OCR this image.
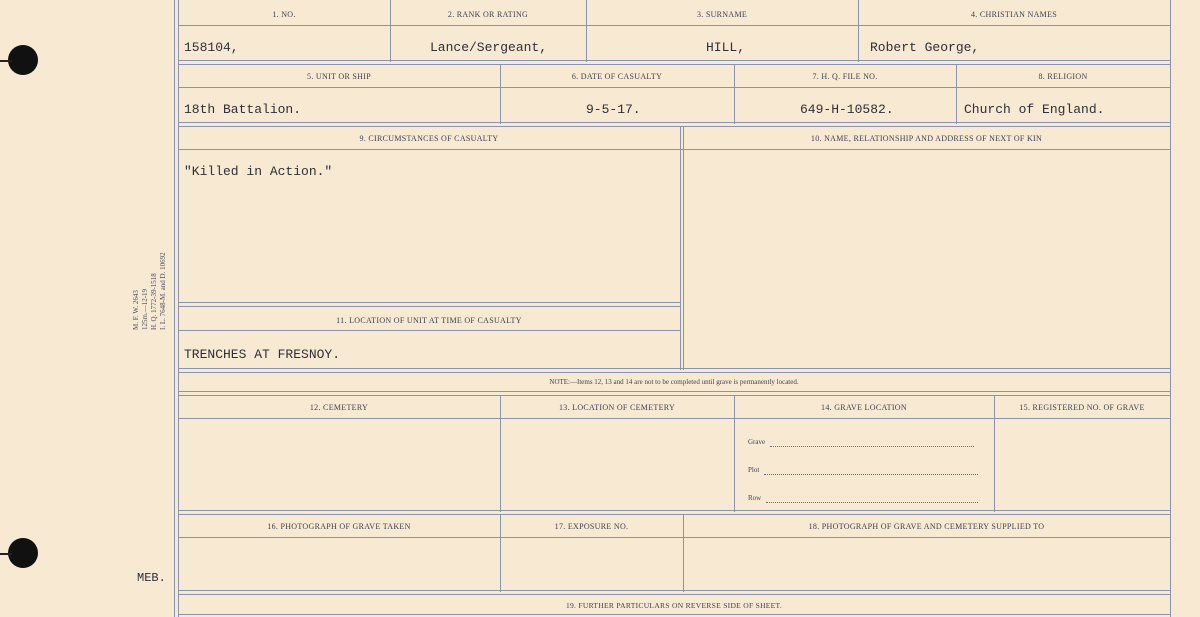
M. F. W. 2643 125m.—12-19 H. Q. 1772-39-1518 I. L. 7648-M. and D. 10692
MEB.
1. NO.	2. RANK OR RATING	3. SURNAME	4. CHRISTIAN NAMES
158104,	Lance/Sergeant,	HILL,	Robert George,
5. UNIT OR SHIP	6. DATE OF CASUALTY	7. H. Q. FILE NO.	8. RELIGION
18th Battalion.	9-5-17.	649-H-10582.	Church of England.
9. CIRCUMSTANCES OF CASUALTY	10. NAME, RELATIONSHIP AND ADDRESS OF NEXT OF KIN
11. LOCATION OF UNIT AT TIME OF CASUALTY
"Killed in Action."
TRENCHES AT FRESNOY.
NOTE:—Items 12, 13 and 14 are not to be completed until grave is permanently located.
12. CEMETERY	13. LOCATION OF CEMETERY	14. GRAVE LOCATION	15. REGISTERED NO. OF GRAVE
Grave
Plot
Row
16. PHOTOGRAPH OF GRAVE TAKEN	17. EXPOSURE NO.	18. PHOTOGRAPH OF GRAVE AND CEMETERY SUPPLIED TO
19. FURTHER PARTICULARS ON REVERSE SIDE OF SHEET.
